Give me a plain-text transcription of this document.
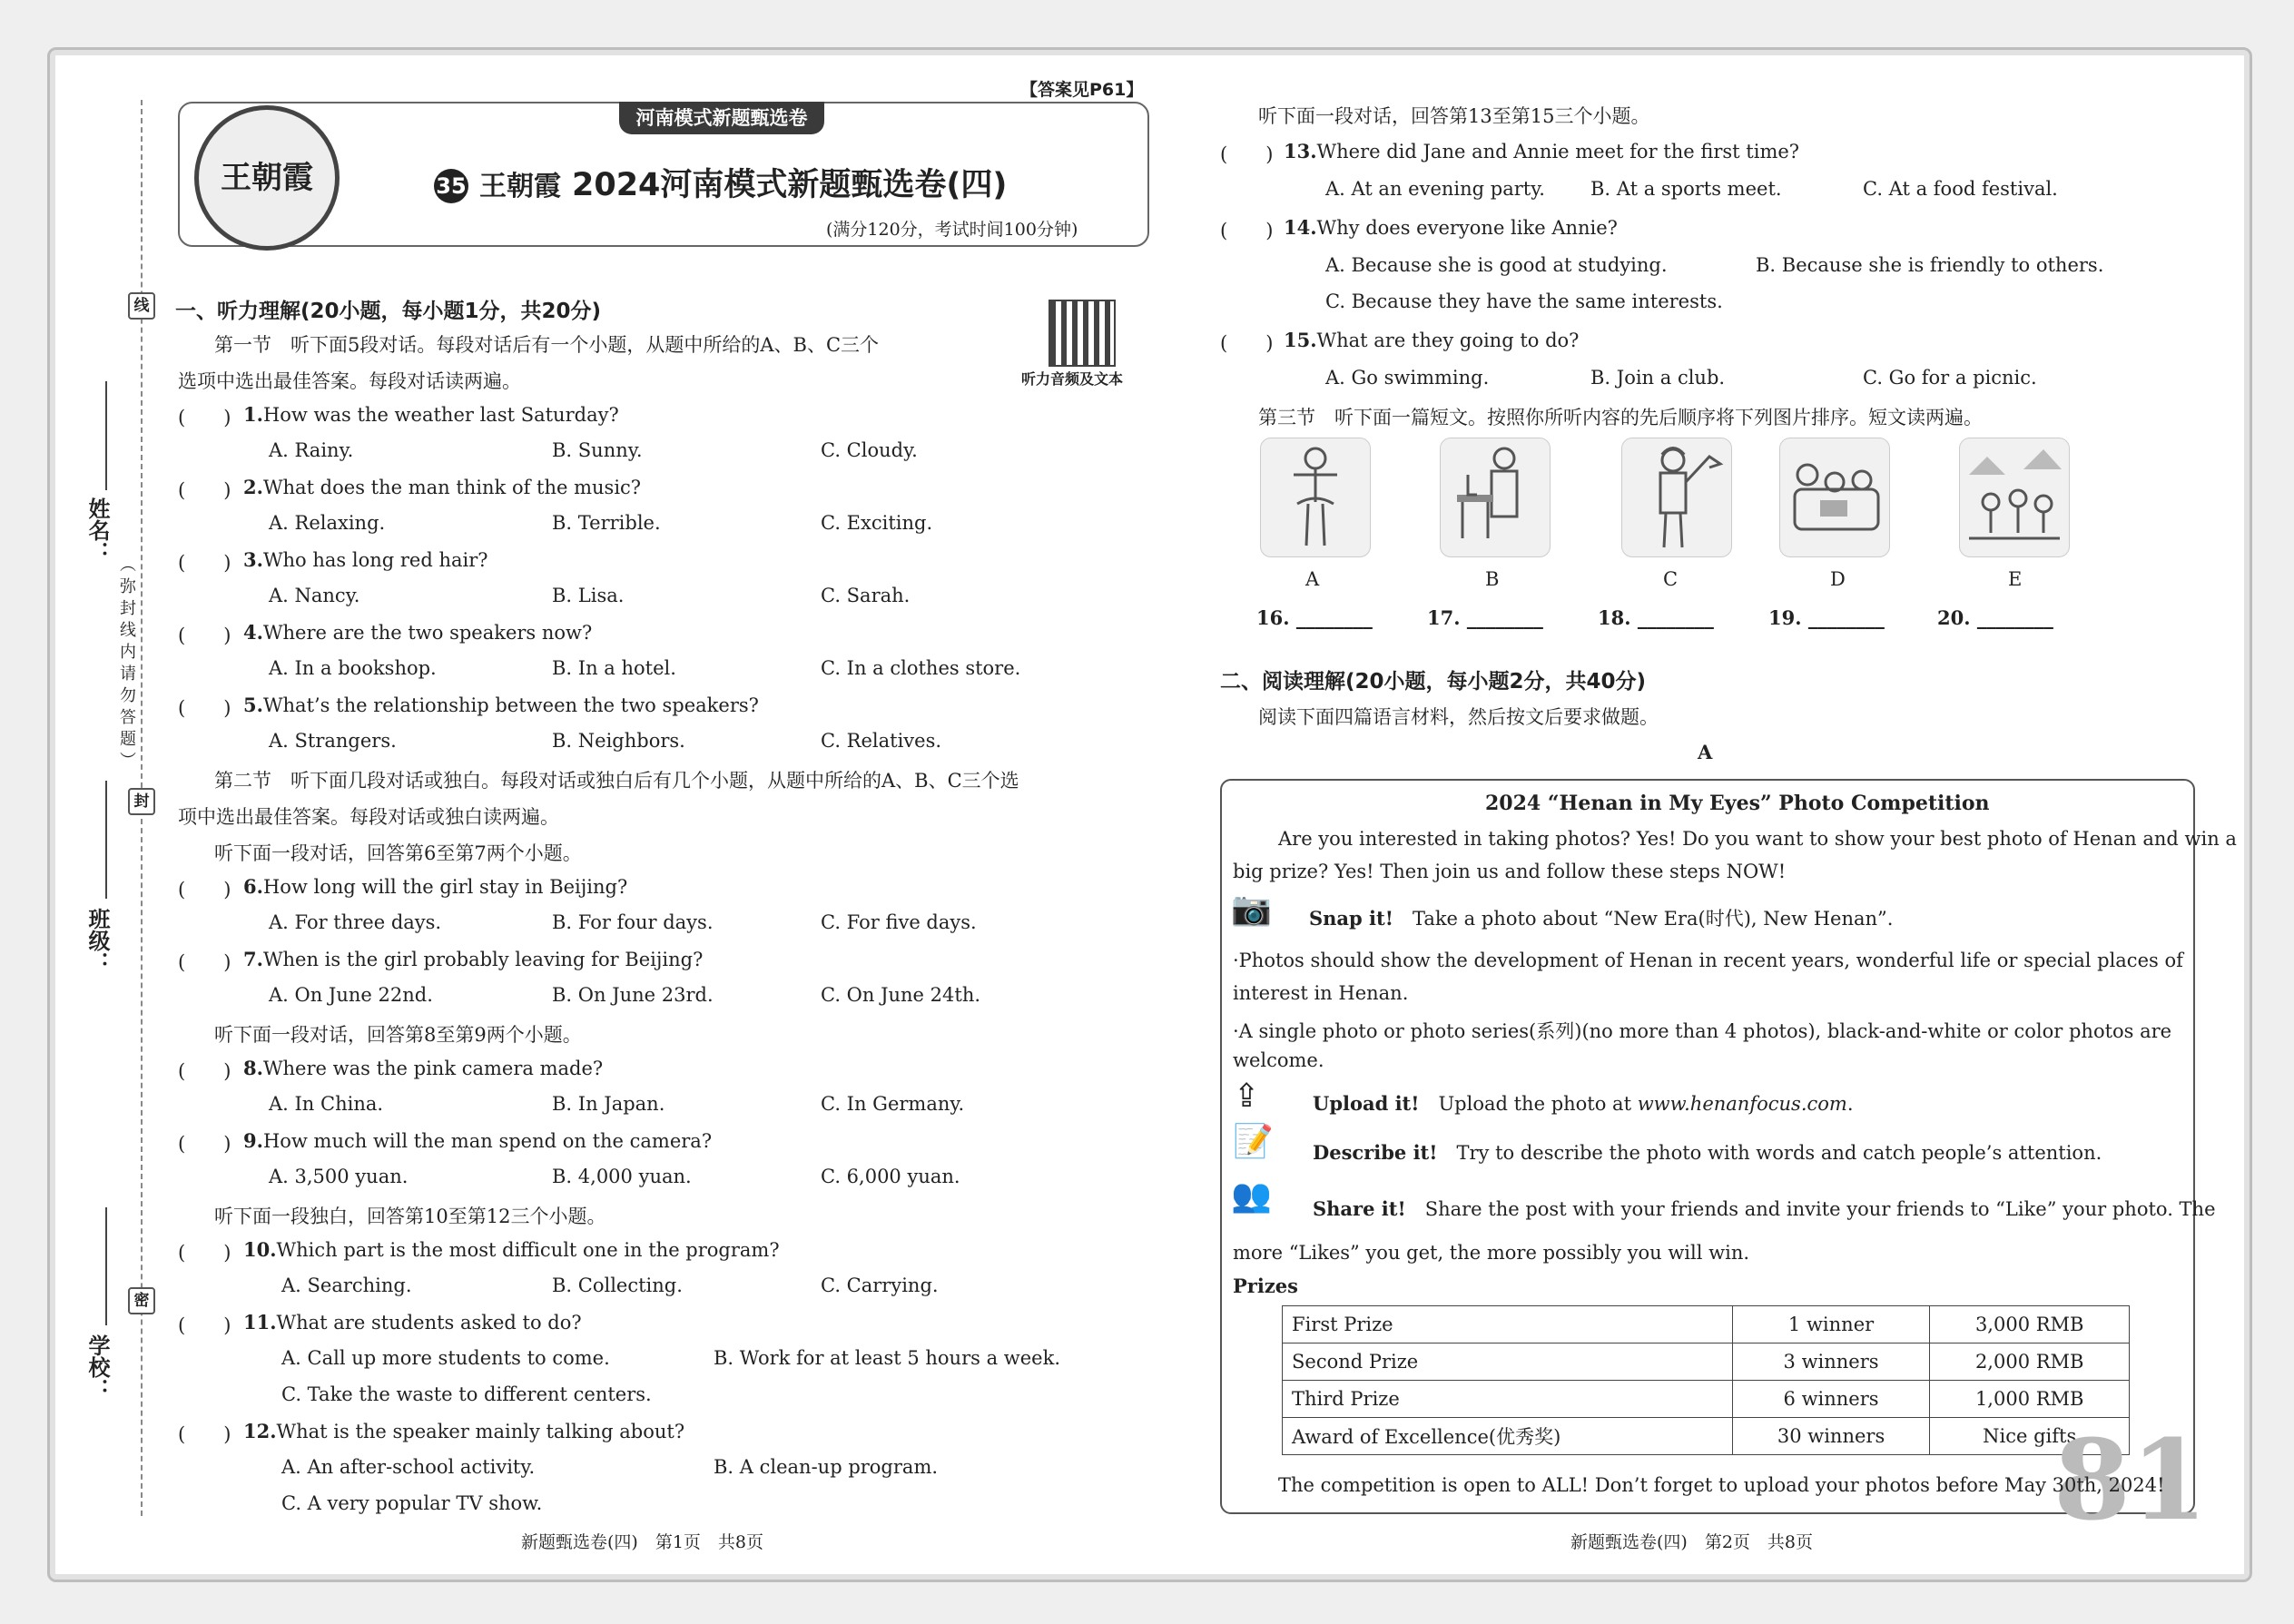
线
封
密
（弥封线内请勿答题）
姓名：
班级：
学校：
王朝霞
河南模式新题甄选卷
【答案见P61】
35 王朝霞 2024河南模式新题甄选卷(四)
(满分120分，考试时间100分钟)
一、听力理解(20小题，每小题1分，共20分)
听力音频及文本
第一节　听下面5段对话。每段对话后有一个小题，从题中所给的A、B、C三个
选项中选出最佳答案。每段对话读两遍。
(　　) 1.How was the weather last Saturday?
A. Rainy.	B. Sunny.	C. Cloudy.
(　　) 2.What does the man think of the music?
A. Relaxing.	B. Terrible.	C. Exciting.
(　　) 3.Who has long red hair?
A. Nancy.	B. Lisa.	C. Sarah.
(　　) 4.Where are the two speakers now?
A. In a bookshop.	B. In a hotel.	C. In a clothes store.
(　　) 5.What’s the relationship between the two speakers?
A. Strangers.	B. Neighbors.	C. Relatives.
第二节　听下面几段对话或独白。每段对话或独白后有几个小题，从题中所给的A、B、C三个选
项中选出最佳答案。每段对话或独白读两遍。
听下面一段对话，回答第6至第7两个小题。
(　　) 6.How long will the girl stay in Beijing?
A. For three days.	B. For four days.	C. For five days.
(　　) 7.When is the girl probably leaving for Beijing?
A. On June 22nd.	B. On June 23rd.	C. On June 24th.
听下面一段对话，回答第8至第9两个小题。
(　　) 8.Where was the pink camera made?
A. In China.	B. In Japan.	C. In Germany.
(　　) 9.How much will the man spend on the camera?
A. 3,500 yuan.	B. 4,000 yuan.	C. 6,000 yuan.
听下面一段独白，回答第10至第12三个小题。
(　　) 10.Which part is the most difficult one in the program?
A. Searching.	B. Collecting.	C. Carrying.
(　　) 11.What are students asked to do?
A. Call up more students to come.	B. Work for at least 5 hours a week.
C. Take the waste to different centers.
(　　) 12.What is the speaker mainly talking about?
A. An after-school activity.	B. A clean-up program.
C. A very popular TV show.
新题甄选卷(四)　第1页　共8页
听下面一段对话，回答第13至第15三个小题。
(　　) 13.Where did Jane and Annie meet for the first time?
A. At an evening party. B. At a sports meet.	C. At a food festival.
(　　) 14.Why does everyone like Annie?
A. Because she is good at studying.	B. Because she is friendly to others.
C. Because they have the same interests.
(　　) 15.What are they going to do?
A. Go swimming.	B. Join a club.	C. Go for a picnic.
第三节　听下面一篇短文。按照你所听内容的先后顺序将下列图片排序。短文读两遍。
A	B	C	D	E
16. ________	17. ________	18. ________	19. ________	20. ________
二、阅读理解(20小题，每小题2分，共40分)
阅读下面四篇语言材料，然后按文后要求做题。
A
2024 “Henan in My Eyes” Photo Competition
Are you interested in taking photos? Yes! Do you want to show your best photo of Henan and win a
big prize? Yes! Then join us and follow these steps NOW!
📷 Snap it!　 Take a photo about “New Era(时代), New Henan”.
·Photos should show the development of Henan in recent years, wonderful life or special places of
interest in Henan.
·A single photo or photo series(系列)(no more than 4 photos), black-and-white or color photos are
welcome.
⇪	Upload it!　 Upload the photo at www.henanfocus.com.
📝 Describe it!　 Try to describe the photo with words and catch people’s attention.
👥 Share it!　 Share the post with your friends and invite your friends to “Like” your photo. The
more “Likes” you get, the more possibly you will win.
Prizes
First Prize	1 winner	3,000 RMB
Second Prize	3 winners	2,000 RMB
Third Prize	6 winners	1,000 RMB
Award of Excellence(优秀奖)	30 winners	Nice gifts
81
The competition is open to ALL! Don’t forget to upload your photos before May 30th, 2024!
新题甄选卷(四)　第2页　共8页
